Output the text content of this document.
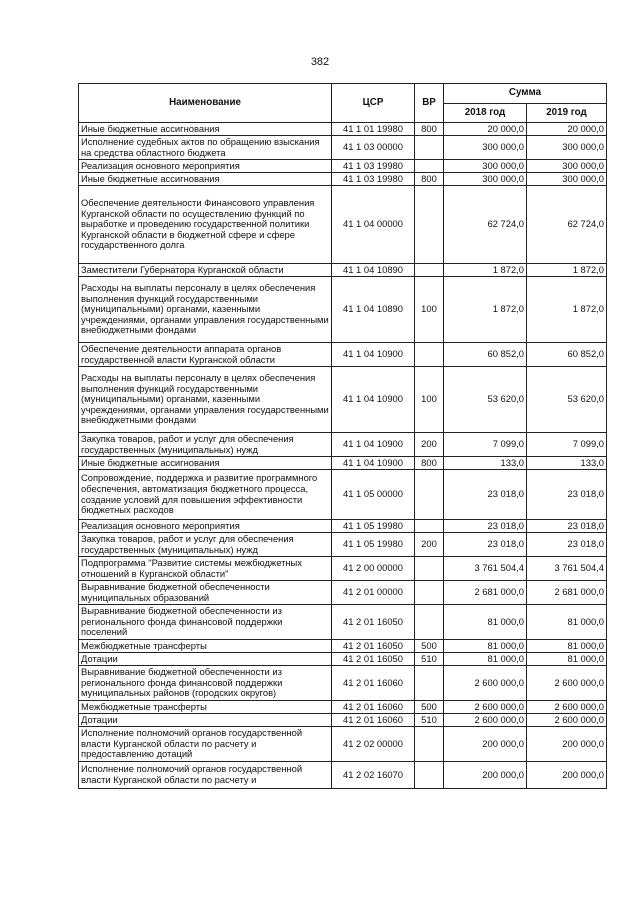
382
Наименование	ЦСР	ВР	Сумма	
			2018 год	2019 год
Иные бюджетные ассигнования	41 1 01 19980	800	20 000,0	20 000,0
Исполнение судебных актов по обращению взыскания на средства областного бюджета	41 1 03 00000		300 000,0	300 000,0
Реализация основного мероприятия	41 1 03 19980		300 000,0	300 000,0
Иные бюджетные ассигнования	41 1 03 19980	800	300 000,0	300 000,0
Обеспечение деятельности Финансового управления Курганской области по осуществлению функций по выработке и проведению государственной политики Курганской области в бюджетной сфере и сфере государственного долга	41 1 04 00000		62 724,0	62 724,0
Заместители Губернатора Курганской области	41 1 04 10890		1 872,0	1 872,0
Расходы на выплаты персоналу в целях обеспечения выполнения функций государственными (муниципальными) органами, казенными учреждениями, органами управления государственными внебюджетными фондами	41 1 04 10890	100	1 872,0	1 872,0
Обеспечение деятельности аппарата органов государственной власти Курганской области	41 1 04 10900		60 852,0	60 852,0
Расходы на выплаты персоналу в целях обеспечения выполнения функций государственными (муниципальными) органами, казенными учреждениями, органами управления государственными внебюджетными фондами	41 1 04 10900	100	53 620,0	53 620,0
Закупка товаров, работ и услуг для обеспечения государственных (муниципальных) нужд	41 1 04 10900	200	7 099,0	7 099,0
Иные бюджетные ассигнования	41 1 04 10900	800	133,0	133,0
Сопровождение, поддержка и развитие программного обеспечения, автоматизация бюджетного процесса, создание условий для повышения эффективности бюджетных расходов	41 1 05 00000		23 018,0	23 018,0
Реализация основного мероприятия	41 1 05 19980		23 018,0	23 018,0
Закупка товаров, работ и услуг для обеспечения государственных (муниципальных) нужд	41 1 05 19980	200	23 018,0	23 018,0
Подпрограмма "Развитие системы межбюджетных отношений в Курганской области"	41 2 00 00000		3 761 504,4	3 761 504,4
Выравнивание бюджетной обеспеченности муниципальных образований	41 2 01 00000		2 681 000,0	2 681 000,0
Выравнивание бюджетной обеспеченности из регионального фонда финансовой поддержки поселений	41 2 01 16050		81 000,0	81 000,0
Межбюджетные трансферты	41 2 01 16050	500	81 000,0	81 000,0
Дотации	41 2 01 16050	510	81 000,0	81 000,0
Выравнивание бюджетной обеспеченности из регионального фонда финансовой поддержки муниципальных районов (городских округов)	41 2 01 16060		2 600 000,0	2 600 000,0
Межбюджетные трансферты	41 2 01 16060	500	2 600 000,0	2 600 000,0
Дотации	41 2 01 16060	510	2 600 000,0	2 600 000,0
Исполнение полномочий органов государственной власти Курганской области по расчету и предоставлению дотаций	41 2 02 00000		200 000,0	200 000,0
Исполнение полномочий органов государственной власти Курганской области по расчету и	41 2 02 16070		200 000,0	200 000,0
